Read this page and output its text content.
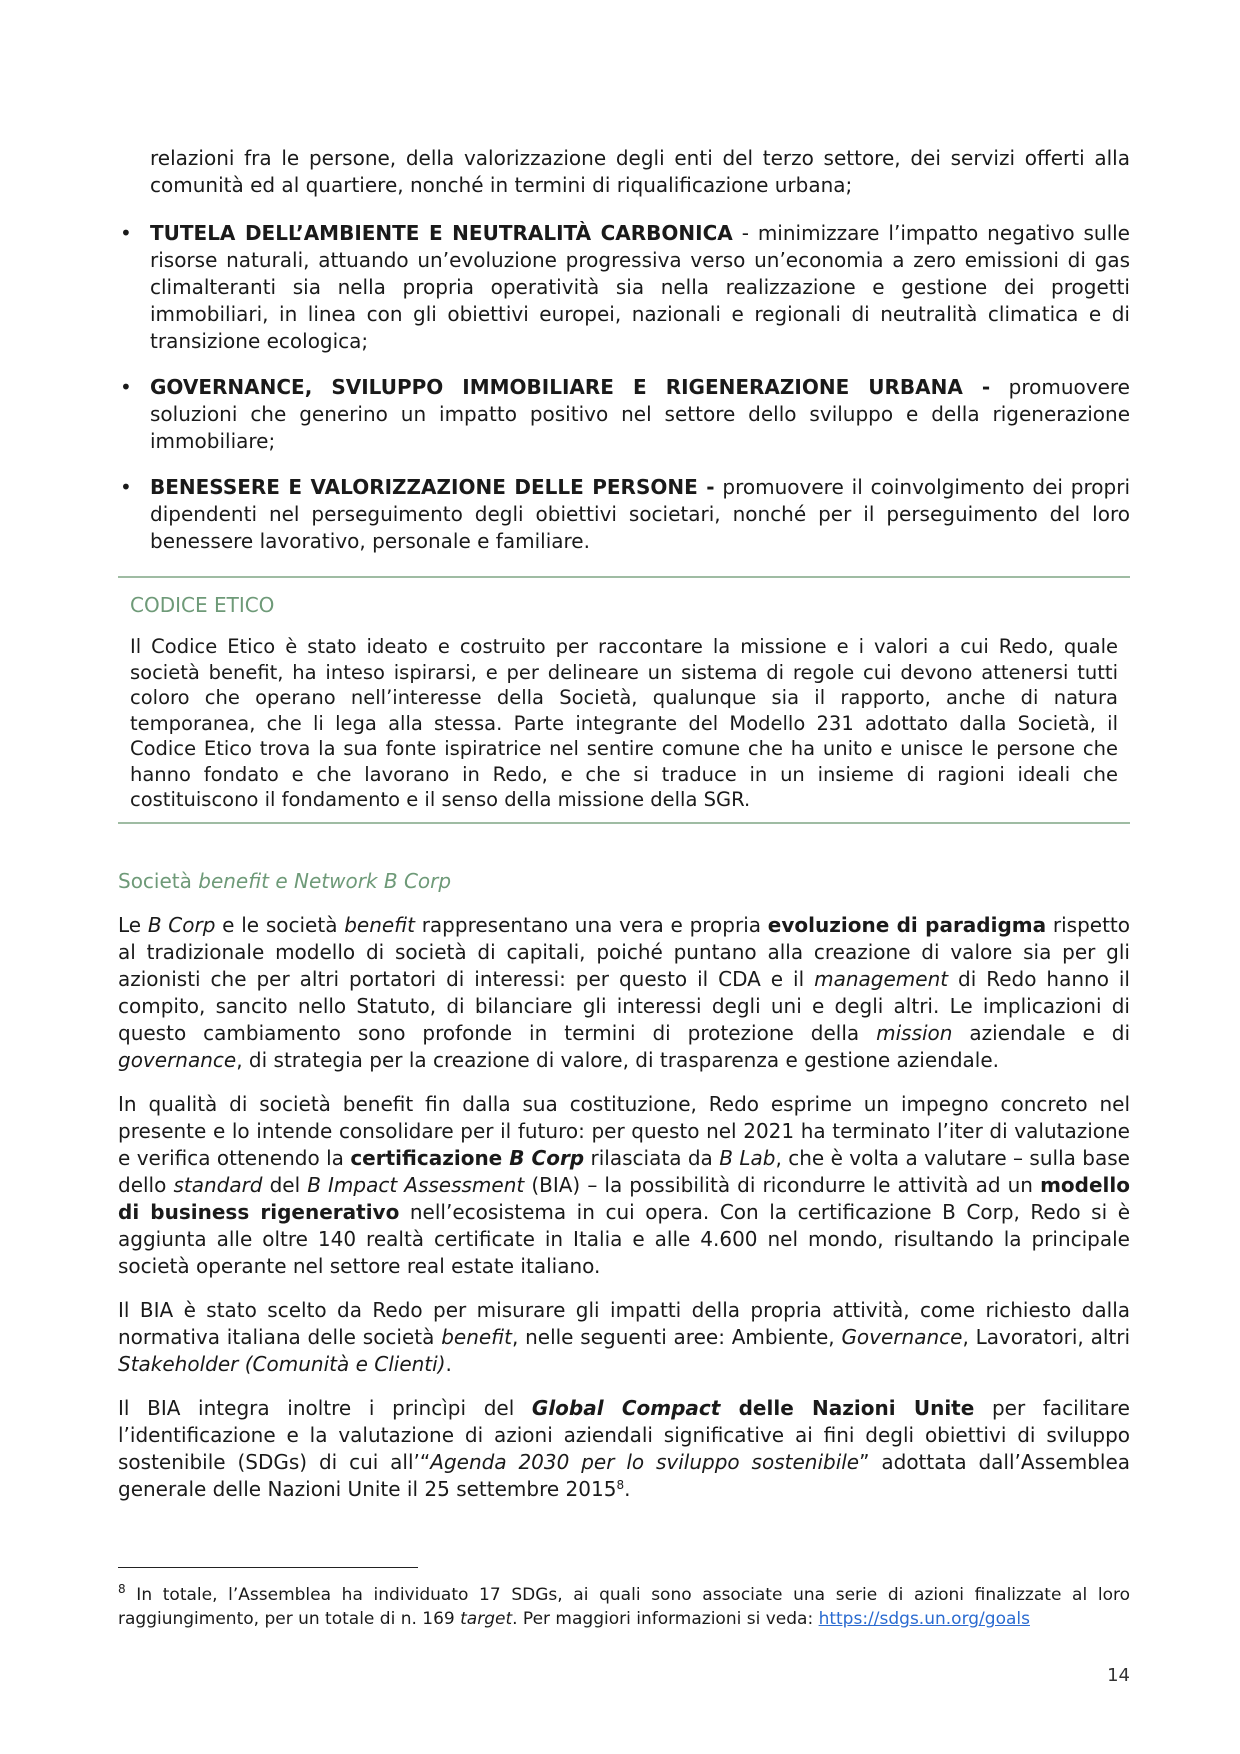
relazioni fra le persone, della valorizzazione degli enti del terzo settore, dei servizi offerti alla comunità ed al quartiere, nonché in termini di riqualificazione urbana;

• TUTELA DELL’AMBIENTE E NEUTRALITÀ CARBONICA - minimizzare l’impatto negativo sulle risorse naturali, attuando un’evoluzione progressiva verso un’economia a zero emissioni di gas climalteranti sia nella propria operatività sia nella realizzazione e gestione dei progetti immobiliari, in linea con gli obiettivi europei, nazionali e regionali di neutralità climatica e di transizione ecologica;

• GOVERNANCE, SVILUPPO IMMOBILIARE E RIGENERAZIONE URBANA - promuovere soluzioni che generino un impatto positivo nel settore dello sviluppo e della rigenerazione immobiliare;

• BENESSERE E VALORIZZAZIONE DELLE PERSONE - promuovere il coinvolgimento dei propri dipendenti nel perseguimento degli obiettivi societari, nonché per il perseguimento del loro benessere lavorativo, personale e familiare.

CODICE ETICO

Il Codice Etico è stato ideato e costruito per raccontare la missione e i valori a cui Redo, quale società benefit, ha inteso ispirarsi, e per delineare un sistema di regole cui devono attenersi tutti coloro che operano nell’interesse della Società, qualunque sia il rapporto, anche di natura temporanea, che li lega alla stessa. Parte integrante del Modello 231 adottato dalla Società, il Codice Etico trova la sua fonte ispiratrice nel sentire comune che ha unito e unisce le persone che hanno fondato e che lavorano in Redo, e che si traduce in un insieme di ragioni ideali che costituiscono il fondamento e il senso della missione della SGR.

Società benefit e Network B Corp

Le B Corp e le società benefit rappresentano una vera e propria evoluzione di paradigma rispetto al tradizionale modello di società di capitali, poiché puntano alla creazione di valore sia per gli azionisti che per altri portatori di interessi: per questo il CDA e il management di Redo hanno il compito, sancito nello Statuto, di bilanciare gli interessi degli uni e degli altri. Le implicazioni di questo cambiamento sono profonde in termini di protezione della mission aziendale e di governance, di strategia per la creazione di valore, di trasparenza e gestione aziendale.

In qualità di società benefit fin dalla sua costituzione, Redo esprime un impegno concreto nel presente e lo intende consolidare per il futuro: per questo nel 2021 ha terminato l’iter di valutazione e verifica ottenendo la certificazione B Corp rilasciata da B Lab, che è volta a valutare – sulla base dello standard del B Impact Assessment (BIA) – la possibilità di ricondurre le attività ad un modello di business rigenerativo nell’ecosistema in cui opera. Con la certificazione B Corp, Redo si è aggiunta alle oltre 140 realtà certificate in Italia e alle 4.600 nel mondo, risultando la principale società operante nel settore real estate italiano.

Il BIA è stato scelto da Redo per misurare gli impatti della propria attività, come richiesto dalla normativa italiana delle società benefit, nelle seguenti aree: Ambiente, Governance, Lavoratori, altri Stakeholder (Comunità e Clienti).

Il BIA integra inoltre i princìpi del Global Compact delle Nazioni Unite per facilitare l’identificazione e la valutazione di azioni aziendali significative ai fini degli obiettivi di sviluppo sostenibile (SDGs) di cui all’“Agenda 2030 per lo sviluppo sostenibile” adottata dall’Assemblea generale delle Nazioni Unite il 25 settembre 2015$^8$.

$^8$ In totale, l’Assemblea ha individuato 17 SDGs, ai quali sono associate una serie di azioni finalizzate al loro raggiungimento, per un totale di n. 169 target. Per maggiori informazioni si veda: https://sdgs.un.org/goals

14
